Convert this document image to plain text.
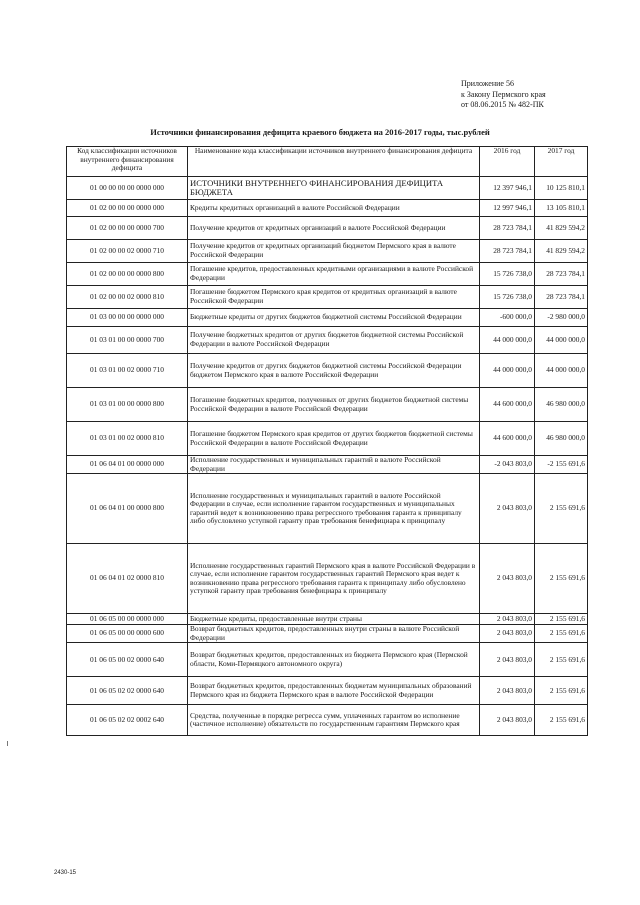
Приложение 56
к Закону Пермского края
от 08.06.2015 № 482-ПК
Источники финансирования дефицита краевого бюджета на 2016-2017 годы, тыс.рублей
Код классификации источников внутреннего финансирования дефицита	Наименование кода классификации источников внутреннего финансирования дефицита	2016 год	2017 год
01 00 00 00 00 0000 000	ИСТОЧНИКИ ВНУТРЕННЕГО ФИНАНСИРОВАНИЯ ДЕФИЦИТА БЮДЖЕТА	12 397 946,1	10 125 810,1
01 02 00 00 00 0000 000	Кредиты кредитных организаций в валюте Российской Федерации	12 997 946,1	13 105 810,1
01 02 00 00 00 0000 700	Получение кредитов от кредитных организаций в валюте Российской Федерации	28 723 784,1	41 829 594,2
01 02 00 00 02 0000 710	Получение кредитов от кредитных организаций бюджетом Пермского края в валюте Российской Федерации	28 723 784,1	41 829 594,2
01 02 00 00 00 0000 800	Погашение кредитов, предоставленных кредитными организациями в валюте Российской Федерации	15 726 738,0	28 723 784,1
01 02 00 00 02 0000 810	Погашение бюджетом Пермского края кредитов от кредитных организаций в валюте Российской Федерации	15 726 738,0	28 723 784,1
01 03 00 00 00 0000 000	Бюджетные кредиты от других бюджетов бюджетной системы Российской Федерации	-600 000,0	-2 980 000,0
01 03 01 00 00 0000 700	Получение бюджетных кредитов от других бюджетов бюджетной системы Российской Федерации в валюте Российской Федерации	44 000 000,0	44 000 000,0
01 03 01 00 02 0000 710	Получение кредитов от других бюджетов бюджетной системы Российской Федерации бюджетом Пермского края в валюте Российской Федерации	44 000 000,0	44 000 000,0
01 03 01 00 00 0000 800	Погашение бюджетных кредитов, полученных от других бюджетов бюджетной системы Российской Федерации в валюте Российской Федерации	44 600 000,0	46 980 000,0
01 03 01 00 02 0000 810	Погашение бюджетом Пермского края кредитов от других бюджетов бюджетной системы Российской Федерации в валюте Российской Федерации	44 600 000,0	46 980 000,0
01 06 04 01 00 0000 000	Исполнение государственных и муниципальных гарантий в валюте Российской Федерации	-2 043 803,0	-2 155 691,6
01 06 04 01 00 0000 800	Исполнение государственных и муниципальных гарантий в валюте Российской Федерации в случае, если исполнение гарантом государственных и муниципальных гарантий ведет к возникновению права регрессного требования гаранта к принципалу либо обусловлено уступкой гаранту прав требования бенефициара к принципалу	2 043 803,0	2 155 691,6
01 06 04 01 02 0000 810	Исполнение государственных гарантий Пермского края в валюте Российской Федерации в случае, если исполнение гарантом государственных гарантий Пермского края ведет к возникновению права регрессного требования гаранта к принципалу либо обусловлено уступкой гаранту прав требования бенефициара к принципалу	2 043 803,0	2 155 691,6
01 06 05 00 00 0000 000	Бюджетные кредиты, предоставленные внутри страны	2 043 803,0	2 155 691,6
01 06 05 00 00 0000 600	Возврат бюджетных кредитов, предоставленных внутри страны в валюте Российской Федерации	2 043 803,0	2 155 691,6
01 06 05 00 02 0000 640	Возврат бюджетных кредитов, предоставленных из бюджета Пермского края (Пермской области, Коми-Пермяцкого автономного округа)	2 043 803,0	2 155 691,6
01 06 05 02 02 0000 640	Возврат бюджетных кредитов, предоставленных бюджетам муниципальных образований Пермского края из бюджета Пермского края в валюте Российской Федерации	2 043 803,0	2 155 691,6
01 06 05 02 02 0002 640	Средства, полученные в порядке регресса сумм, уплаченных гарантом во исполнение (частичное исполнение) обязательств по государственным гарантиям Пермского края	2 043 803,0	2 155 691,6
2430-15
